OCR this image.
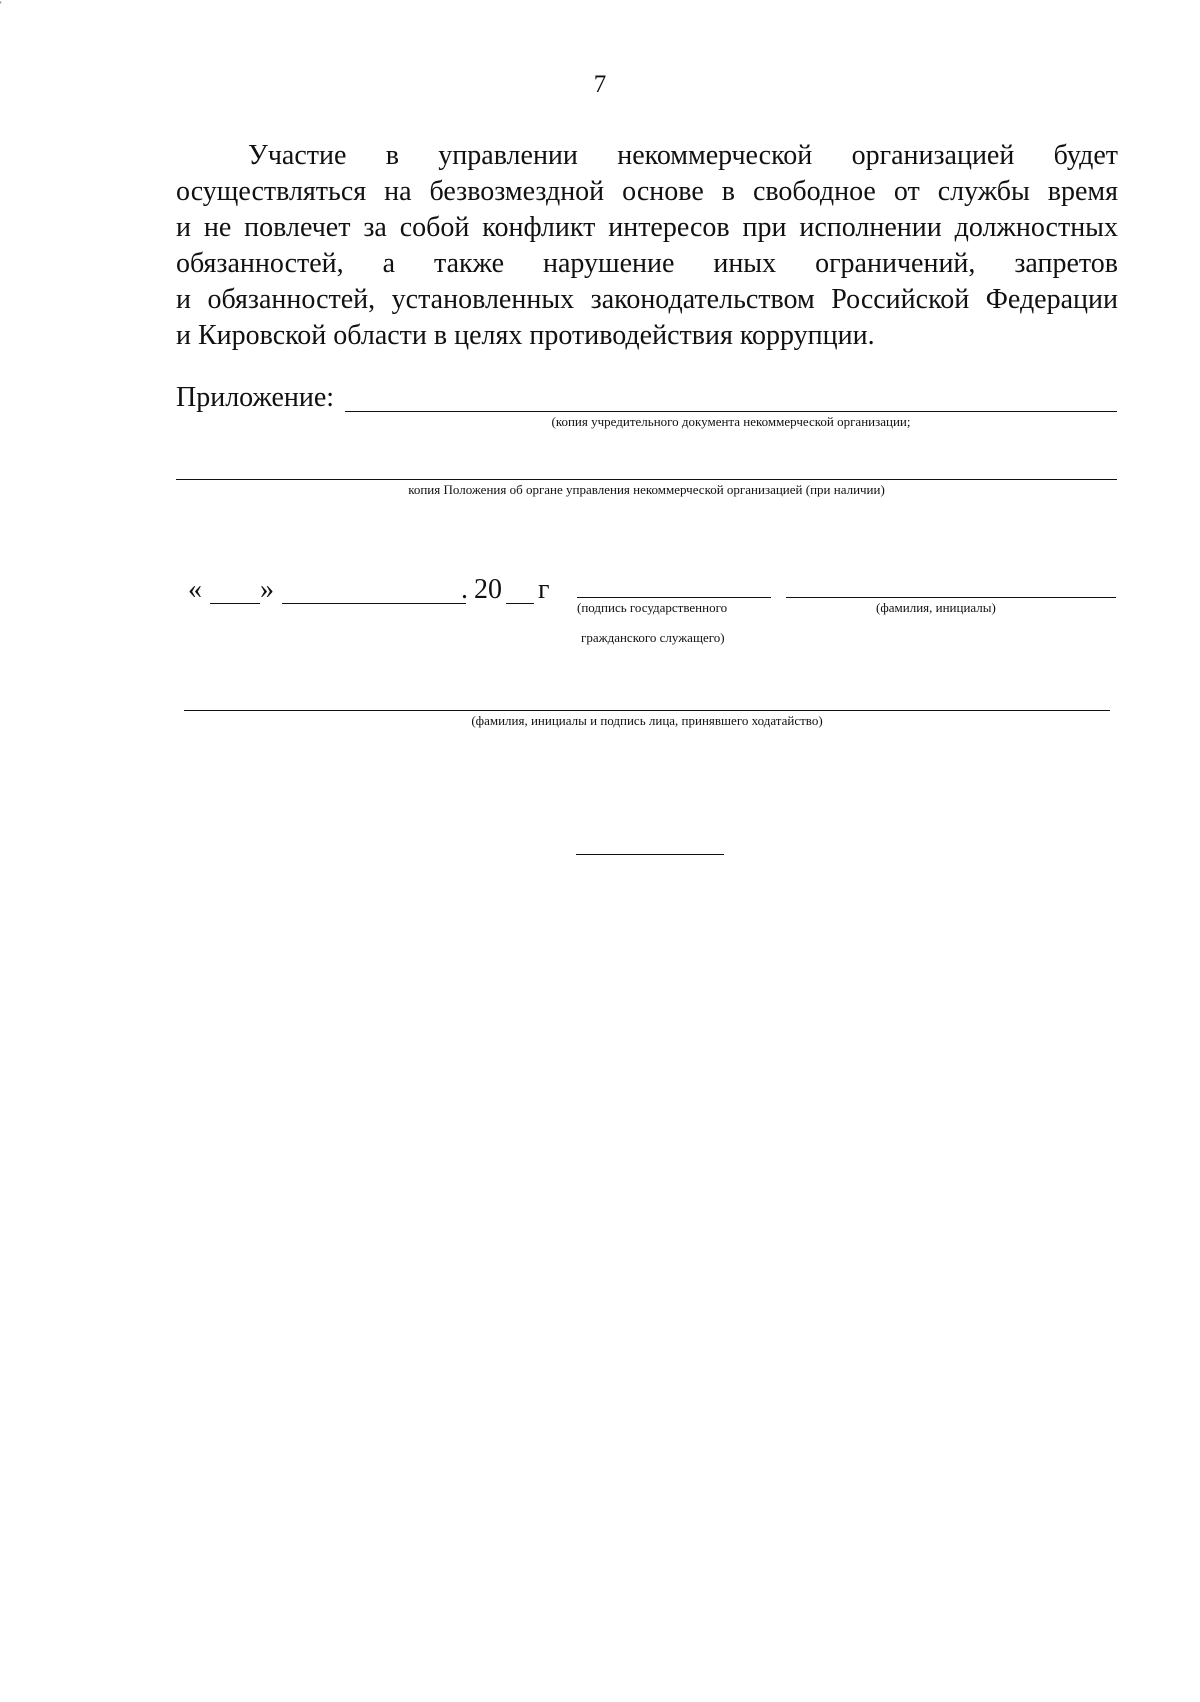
'
7
Участие в управлении некоммерческой организацией будет
осуществляться на безвозмездной основе в свободное от службы время
и не повлечет за собой конфликт интересов при исполнении должностных
обязанностей, а также нарушение иных ограничений, запретов
и обязанностей, установленных законодательством Российской Федерации
и Кировской области в целях противодействия коррупции.
Приложение:
(копия учредительного документа некоммерческой организации;
копия Положения об органе управления некоммерческой организацией (при наличии)
« »	. 20 г
(подпись государственного
гражданского служащего)
(фамилия, инициалы)
(фамилия, инициалы и подпись лица, принявшего ходатайство)
